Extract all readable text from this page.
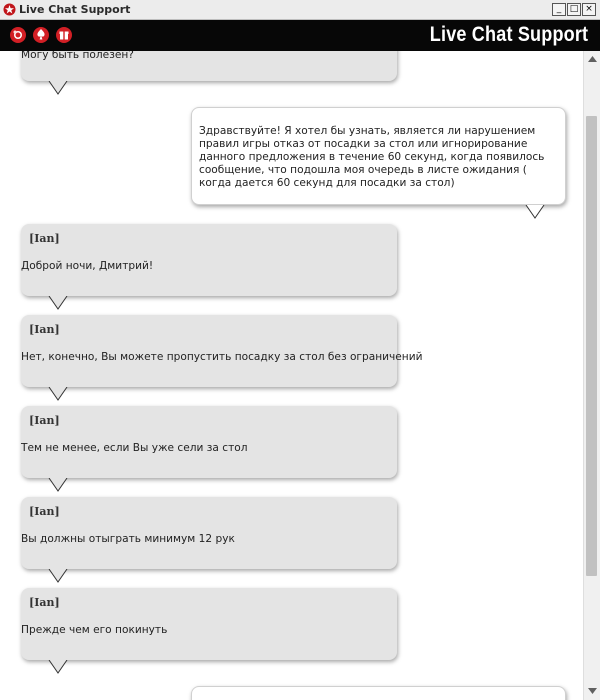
Live Chat Support	_ □ ×
Live Chat Support
Могу быть полезен?
Здравствуйте! Я хотел бы узнать, является ли нарушением правил игры отказ от посадки за стол или игнорирование данного предложения в течение 60 секунд, когда появилось сообщение, что подошла моя очередь в листе ожидания ( когда дается 60 секунд для посадки за стол)
[Ian]
Доброй ночи, Дмитрий!
[Ian]
Нет, конечно, Вы можете пропустить посадку за стол без ограничений
[Ian]
Тем не менее, если Вы уже сели за стол
[Ian]
Вы должны отыграть минимум 12 рук
[Ian]
Прежде чем его покинуть
